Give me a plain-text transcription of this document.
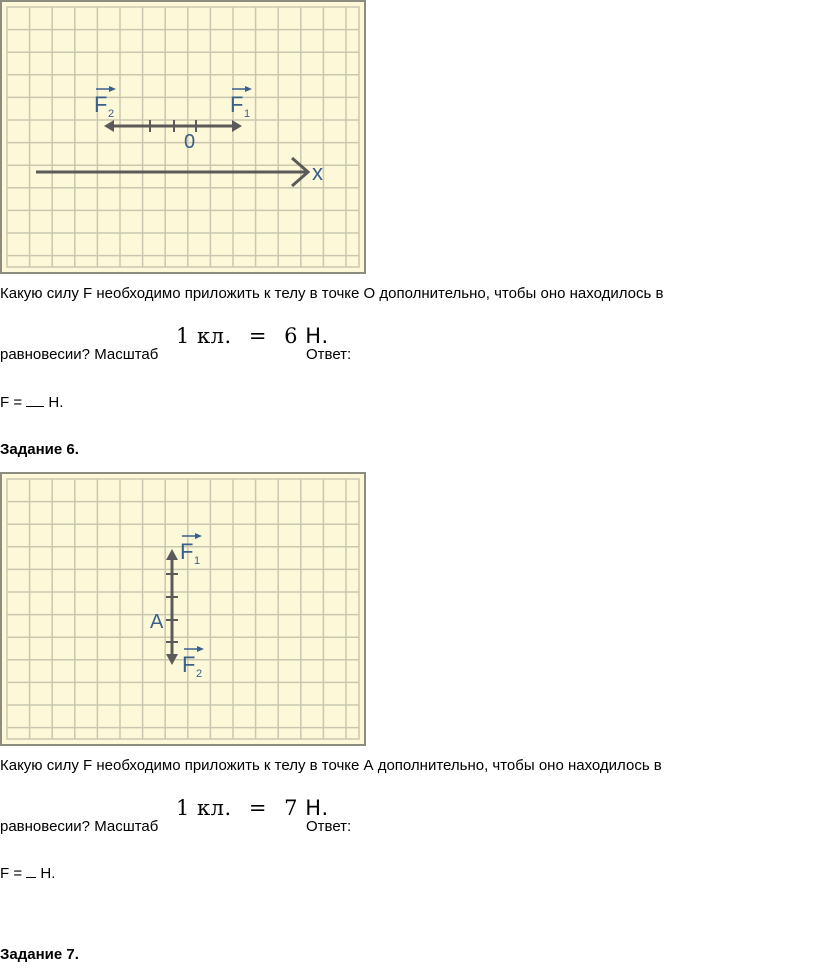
x
0
F 2	F 1
Какую силу F необходимо приложить к телу в точке О дополнительно, чтобы оно находилось в
равновесии? Масштаб
1 кл. = 6 Н.
Ответ:
F =  Н.
Задание 6.
А
F 1
F 2
Какую силу F необходимо приложить к телу в точке А дополнительно, чтобы оно находилось в
равновесии? Масштаб
1 кл. = 7 Н.
Ответ:
F =  Н.
Задание 7.
